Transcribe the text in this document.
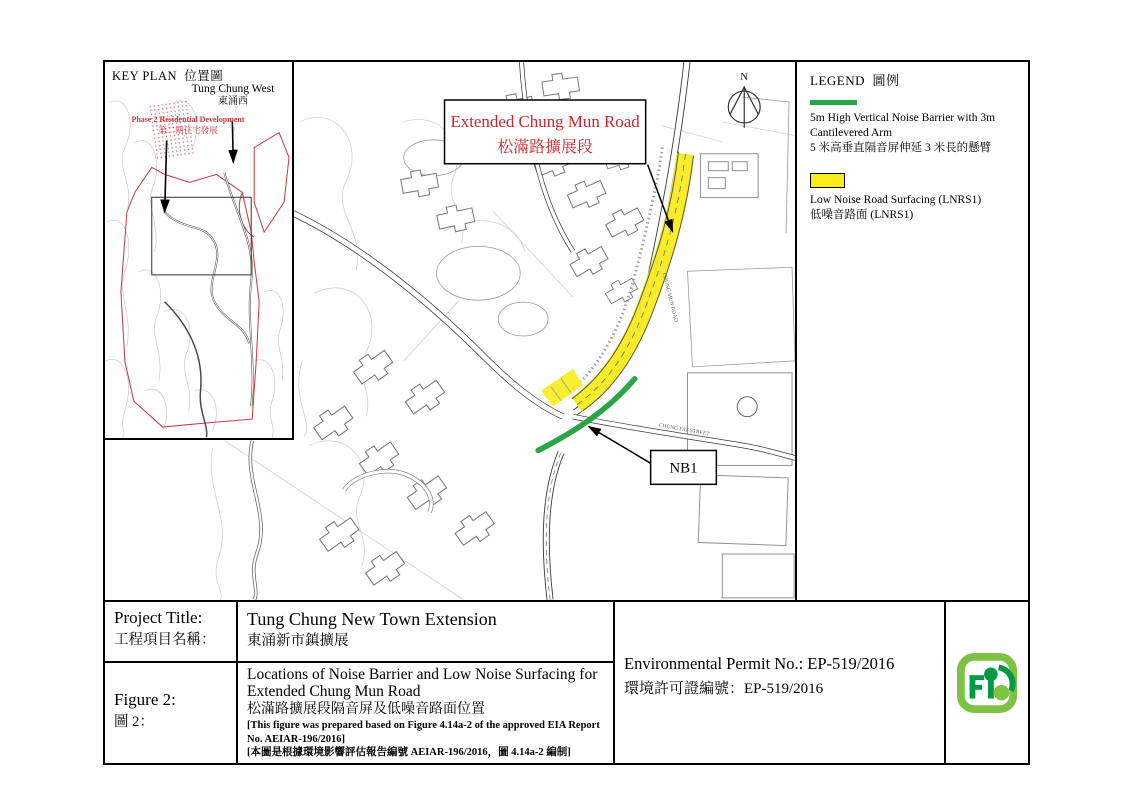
CHUNG FAT STREET
CHUNG MUN ROAD
N
Extended Chung Mun Road
松滿路擴展段
NB1
KEY PLAN 位置圖
Tung Chung West
東涌西
Phase 2 Residential Development
第二期住宅發展
LEGEND 圖例
5m High Vertical Noise Barrier with 3m
Cantilevered Arm
5 米高垂直隔音屏伸延 3 米長的懸臂
Low Noise Road Surfacing (LNRS1)
低噪音路面 (LNRS1)
Project Title:
工程項目名稱：
Tung Chung New Town Extension
東涌新市鎮擴展
Environmental Permit No.: EP-519/2016
環境許可證編號：EP-519/2016
Figure 2:
圖 2：
Locations of Noise Barrier and Low Noise Surfacing for Extended Chung Mun Road
松滿路擴展段隔音屏及低噪音路面位置
[This figure was prepared based on Figure 4.14a-2 of the approved EIA Report No. AEIAR-196/2016]
[本圖是根據環境影響評估報告編號 AEIAR-196/2016，圖 4.14a-2 編制]
